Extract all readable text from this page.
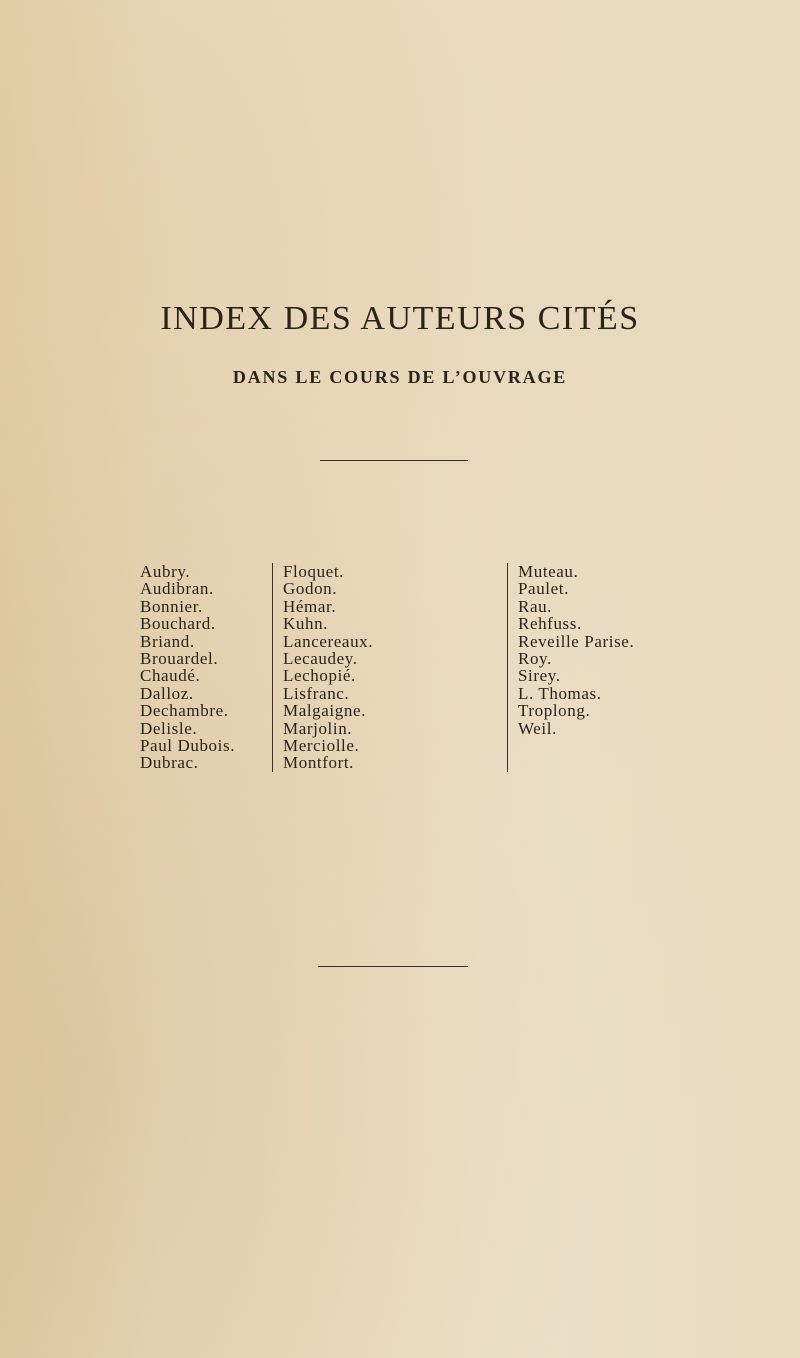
INDEX DES AUTEURS CITÉS
DANS LE COURS DE L’OUVRAGE
Aubry.
Audibran.
Bonnier.
Bouchard.
Briand.
Brouardel.
Chaudé.
Dalloz.
Dechambre.
Delisle.
Paul Dubois.
Dubrac.
Floquet.
Godon.
Hémar.
Kuhn.
Lancereaux.
Lecaudey.
Lechopié.
Lisfranc.
Malgaigne.
Marjolin.
Merciolle.
Montfort.
Muteau.
Paulet.
Rau.
Rehfuss.
Reveille Parise.
Roy.
Sirey.
L. Thomas.
Troplong.
Weil.
